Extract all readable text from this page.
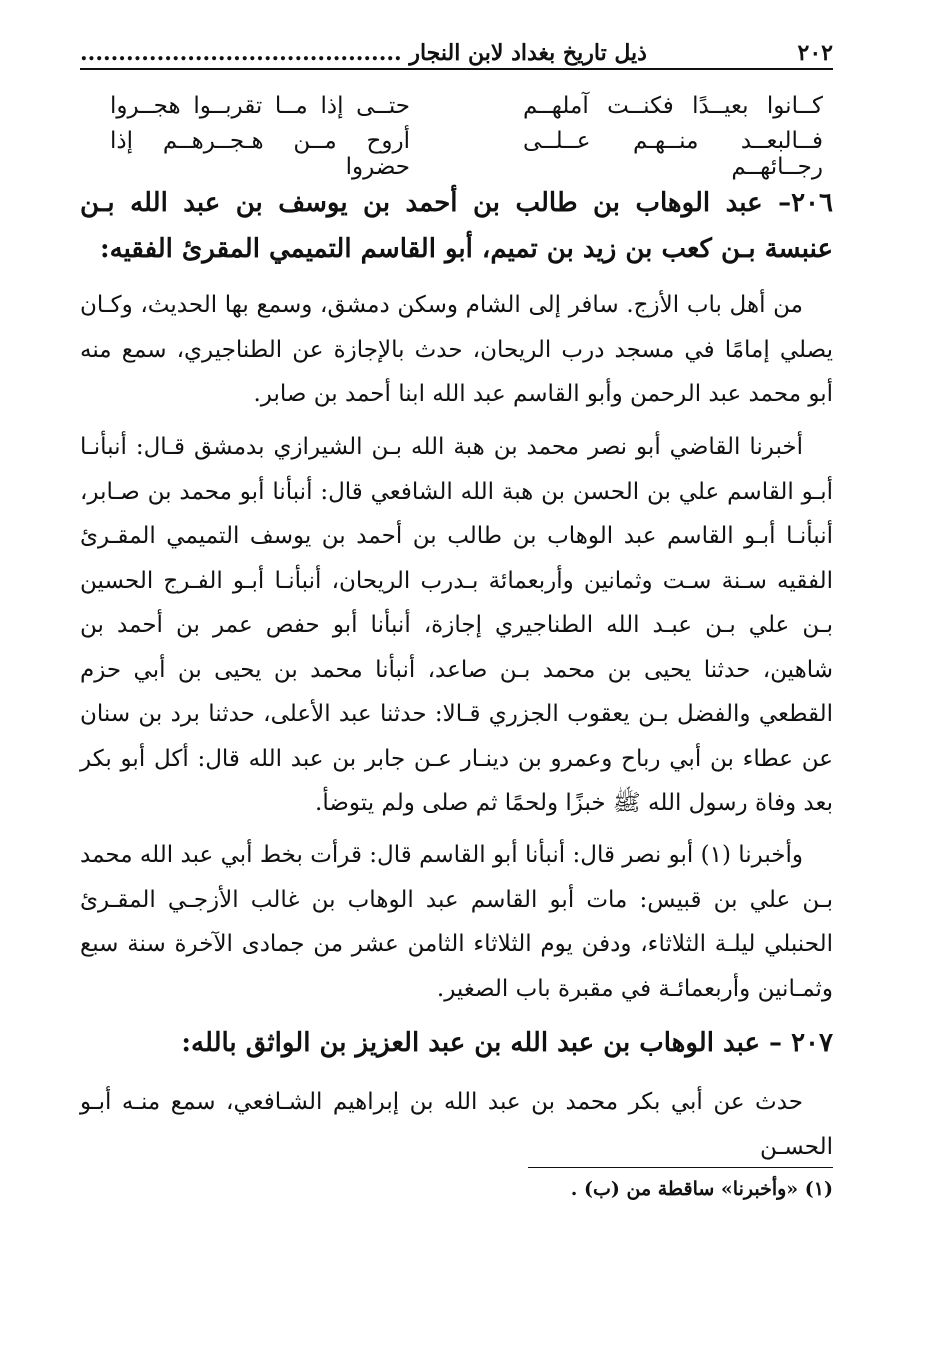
٢٠٢
ذيل تاريخ بغداد لابن النجار ..........................................
كــانوا بعيــدًا فكنــت آملهــم
حتــى إذا مــا تقربــوا هجــروا
فــالبعــد منــهـم عــلــى رجــائهــم
أروح مــن هـجــرهــم إذا حضروا
٢٠٦– عبد الوهاب بن طالب بن أحمد بن يوسف بن عبد الله بـن عنبسة بـن كعب بن زيد بن تميم، أبو القاسم التميمي المقرئ الفقيه:
من أهل باب الأزج. سافر إلى الشام وسكن دمشق، وسمع بها الحديث، وكـان يصلي إمامًا في مسجد درب الريحان، حدث بالإجازة عن الطناجيري، سمع منه أبو محمد عبد الرحمن وأبو القاسم عبد الله ابنا أحمد بن صابر.
أخبرنا القاضي أبو نصر محمد بن هبة الله بـن الشيرازي بدمشق قـال: أنبأنـا أبـو القاسم علي بن الحسن بن هبة الله الشافعي قال: أنبأنا أبو محمد بن صـابر، أنبأنـا أبـو القاسم عبد الوهاب بن طالب بن أحمد بن يوسف التميمي المقـرئ الفقيه سـنة سـت وثمانين وأربعمائة بـدرب الريحان، أنبأنـا أبـو الفـرج الحسين بـن علي بـن عبـد الله الطناجيري إجازة، أنبأنا أبو حفص عمر بن أحمد بن شاهين، حدثنا يحيى بن محمد بـن صاعد، أنبأنا محمد بن يحيى بن أبي حزم القطعي والفضل بـن يعقوب الجزري قـالا: حدثنا عبد الأعلى، حدثنا برد بن سنان عن عطاء بن أبي رباح وعمرو بن دينـار عـن جابر بن عبد الله قال: أكل أبو بكر بعد وفاة رسول الله ﷺ خبزًا ولحمًا ثم صلى ولم يتوضأ.
وأخبرنا (١) أبو نصر قال: أنبأنا أبو القاسم قال: قرأت بخط أبي عبد الله محمد بـن علي بن قبيس: مات أبو القاسم عبد الوهاب بن غالب الأزجـي المقـرئ الحنبلي ليلـة الثلاثاء، ودفن يوم الثلاثاء الثامن عشر من جمادى الآخرة سنة سبع وثمـانين وأربعمائـة في مقبرة باب الصغير.
٢٠٧ – عبد الوهاب بن عبد الله بن عبد العزيز بن الواثق بالله:
حدث عن أبي بكر محمد بن عبد الله بن إبراهيم الشـافعي، سمع منـه أبـو الحسـن
(١) «وأخبرنا» ساقطة من (ب) .
